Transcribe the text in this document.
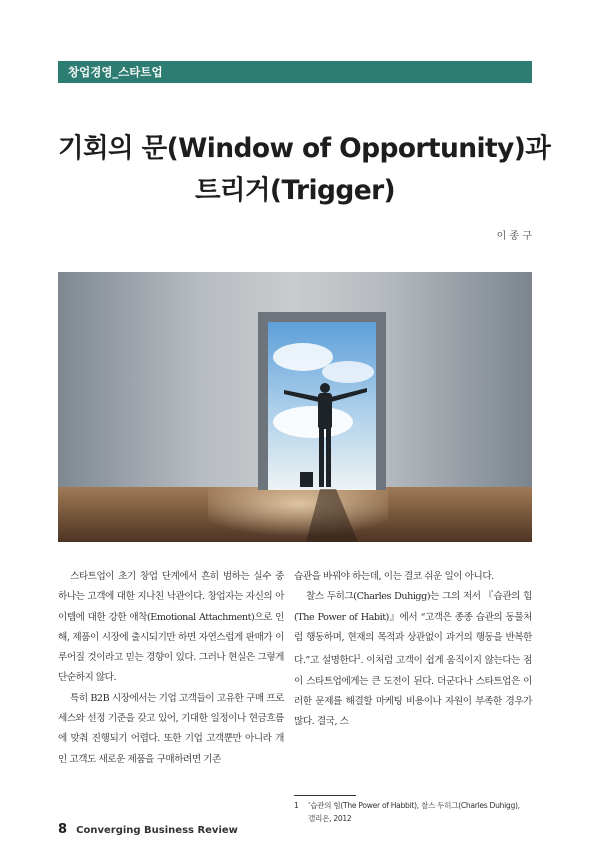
창업경영_스타트업
기회의 문(Window of Opportunity)과
트리거(Trigger)
이 종 구

스타트업이 초기 창업 단계에서 흔히 범하는 실수 중 하나는 고객에 대한 지나친 낙관이다. 창업자는 자신의 아이템에 대한 강한 애착(Emotional Attachment)으로 인해, 제품이 시장에 출시되기만 하면 자연스럽게 판매가 이루어질 것이라고 믿는 경향이 있다. 그러나 현실은 그렇게 단순하지 않다.

특히 B2B 시장에서는 기업 고객들이 고유한 구매 프로세스와 선정 기준을 갖고 있어, 기대한 일정이나 현금흐름에 맞춰 진행되기 어렵다. 또한 기업 고객뿐만 아니라 개인 고객도 새로운 제품을 구매하려면 기존

습관을 바꿔야 하는데, 이는 결코 쉬운 일이 아니다.

찰스 두히그(Charles Duhigg)는 그의 저서 『습관의 힘(The Power of Habit)』에서 “고객은 종종 습관의 동물처럼 행동하며, 현재의 목적과 상관없이 과거의 행동을 반복한다.”고 설명한다$^1$. 이처럼 고객이 쉽게 움직이지 않는다는 점이 스타트업에게는 큰 도전이 된다. 더군다나 스타트업은 이러한 문제를 해결할 마케팅 비용이나 자원이 부족한 경우가 많다. 결국, 스

1 ‘습관의 힘(The Power of Habbit), 찰스 두히그(Charles Duhigg),
갤리온, 2012
8 Converging Business Review
